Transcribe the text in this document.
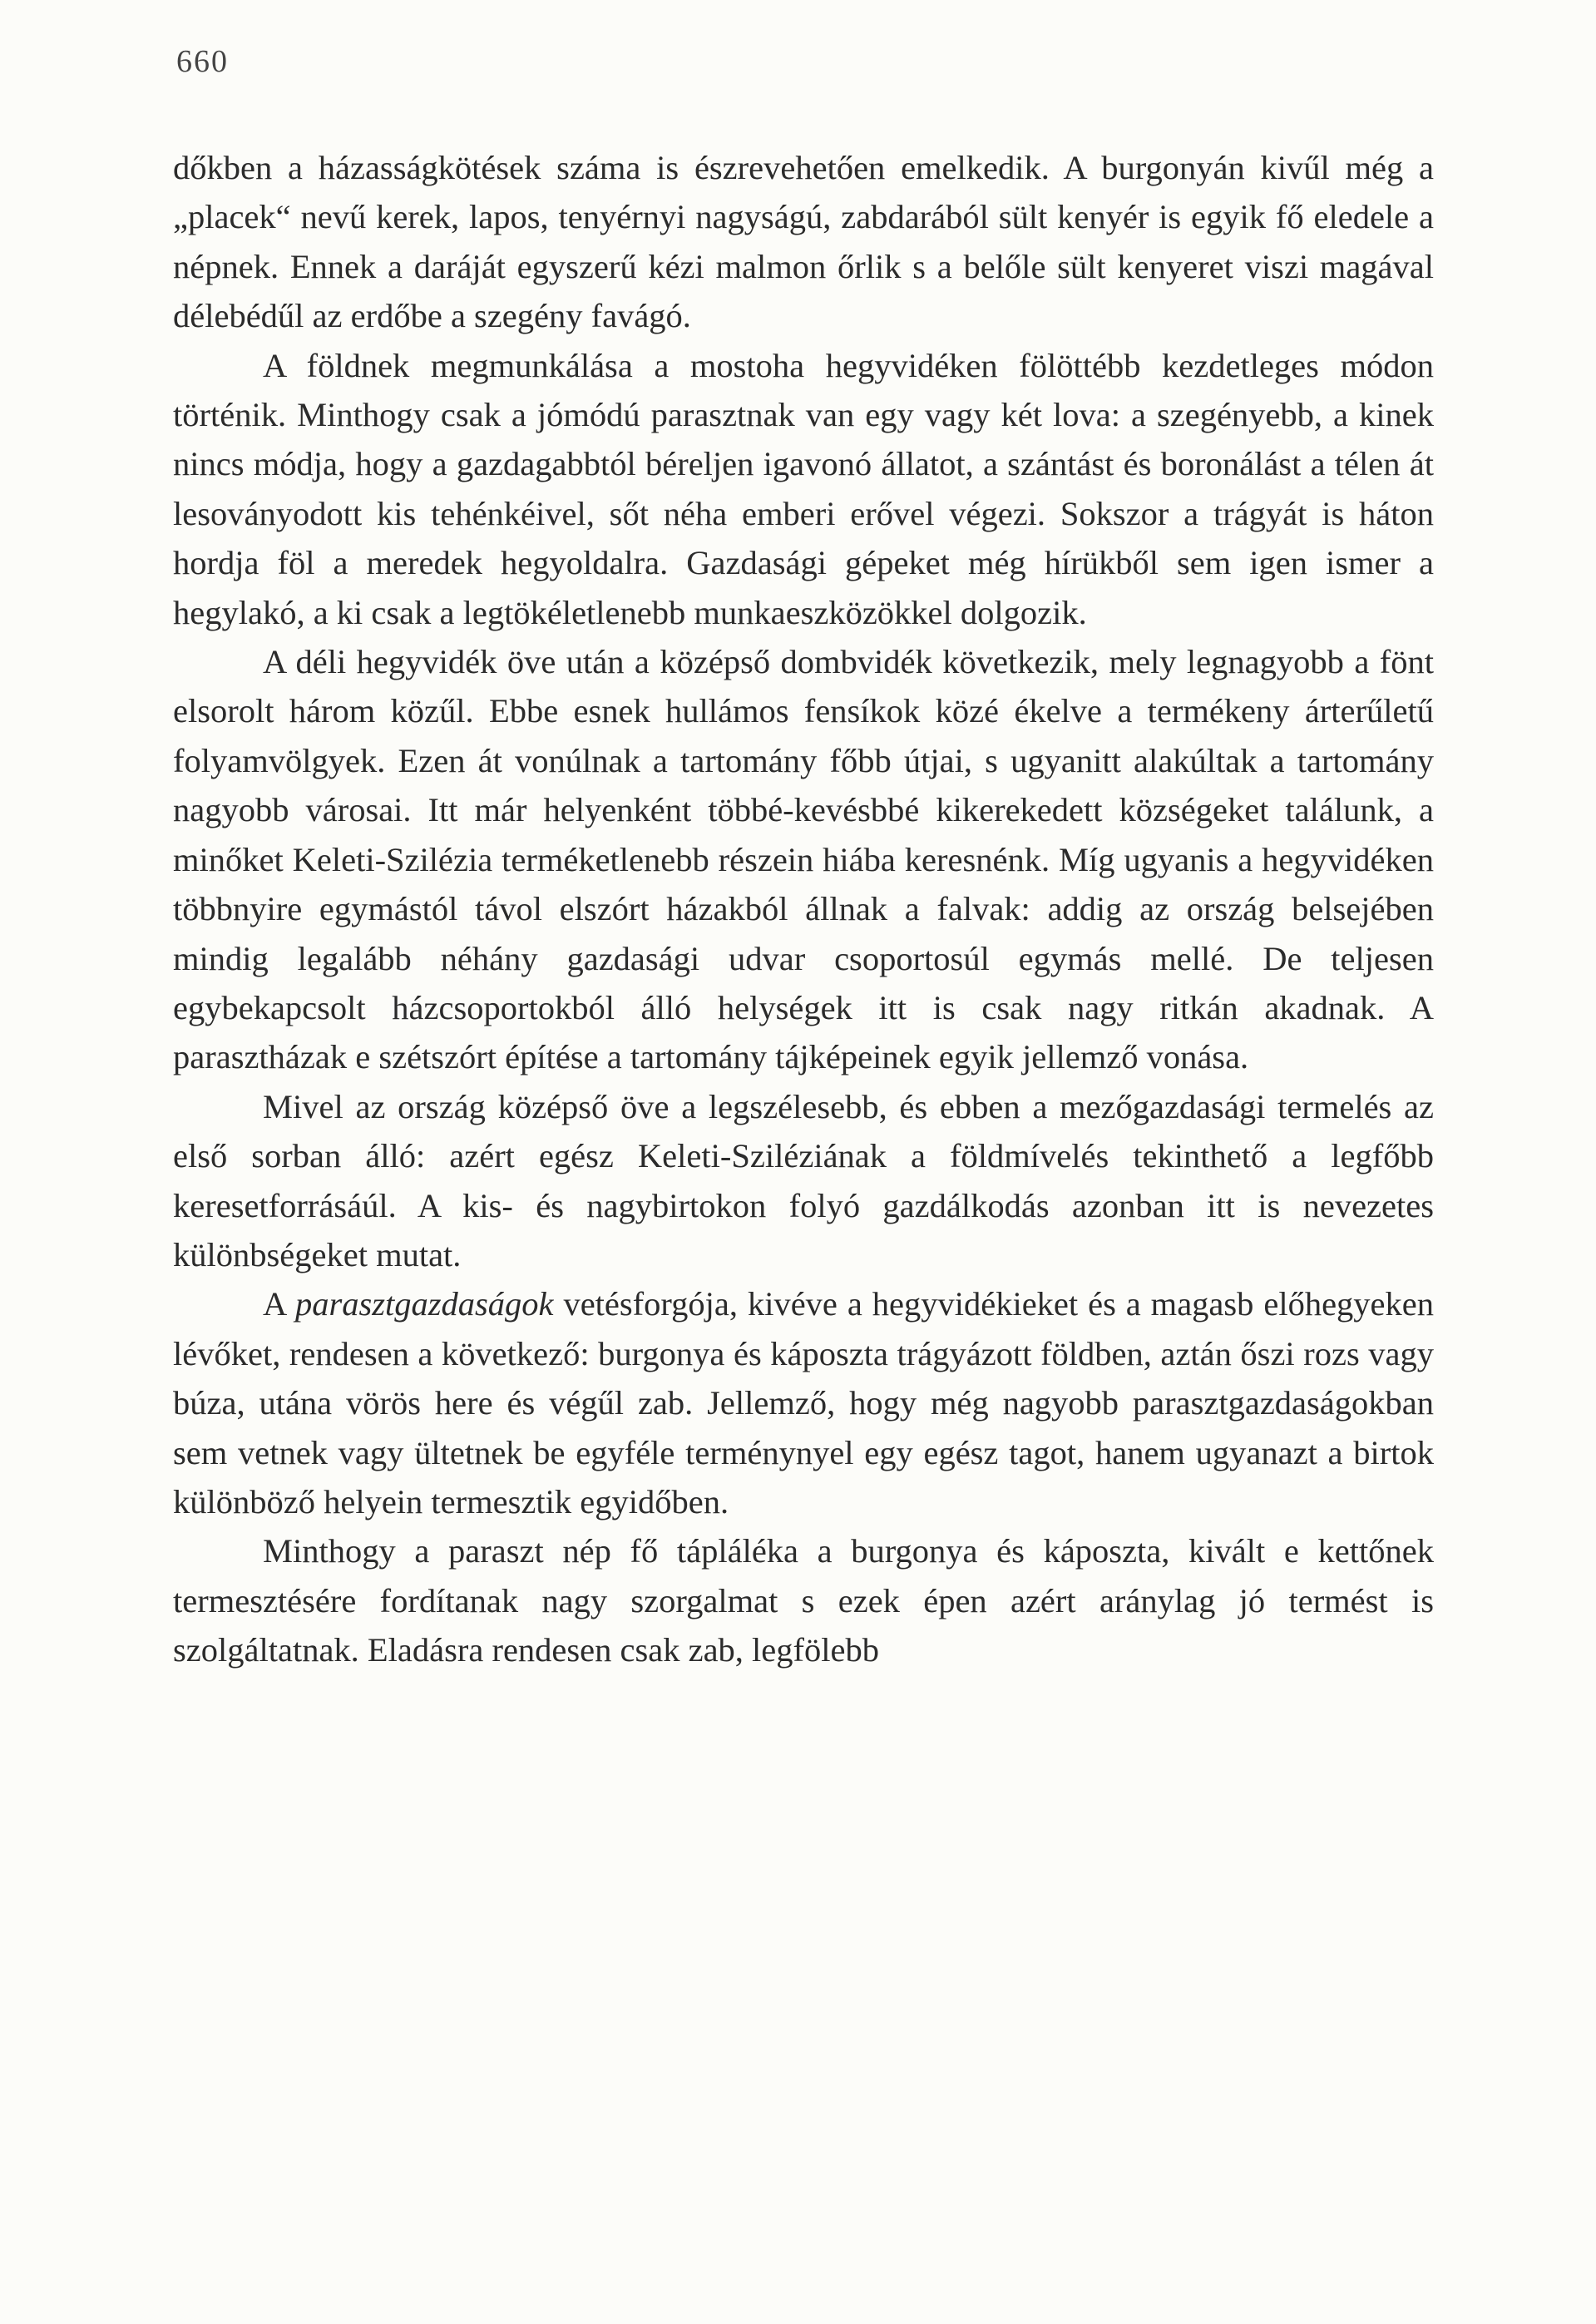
660

dőkben a házasságkötések száma is észrevehetően emelkedik. A burgonyán kivűl még a „placek“ nevű kerek, lapos, tenyérnyi nagyságú, zabdarából sült kenyér is egyik fő eledele a népnek. Ennek a daráját egyszerű kézi malmon őrlik s a belőle sült kenyeret viszi magával délebédűl az erdőbe a szegény favágó.

A földnek megmunkálása a mostoha hegyvidéken fölöttébb kezdetleges módon történik. Minthogy csak a jómódú parasztnak van egy vagy két lova: a szegényebb, a kinek nincs módja, hogy a gazdagabbtól béreljen igavonó állatot, a szántást és boronálást a télen át lesoványodott kis tehénkéivel, sőt néha emberi erővel végezi. Sokszor a trágyát is háton hordja föl a meredek hegyoldalra. Gazdasági gépeket még hírükből sem igen ismer a hegylakó, a ki csak a legtökéletlenebb munkaeszközökkel dolgozik.

A déli hegyvidék öve után a középső dombvidék következik, mely legnagyobb a fönt elsorolt három közűl. Ebbe esnek hullámos fensíkok közé ékelve a termékeny árterűletű folyamvölgyek. Ezen át vonúlnak a tartomány főbb útjai, s ugyanitt alakúltak a tartomány nagyobb városai. Itt már helyenként többé-kevésbbé kikerekedett községeket találunk, a minőket Keleti-Szilézia terméketlenebb részein hiába keresnénk. Míg ugyanis a hegyvidéken többnyire egymástól távol elszórt házakból állnak a falvak: addig az ország belsejében mindig legalább néhány gazdasági udvar csoportosúl egymás mellé. De teljesen egybekapcsolt házcsoportokból álló helységek itt is csak nagy ritkán akadnak. A parasztházak e szétszórt építése a tartomány tájképeinek egyik jellemző vonása.

Mivel az ország középső öve a legszélesebb, és ebben a mezőgazdasági termelés az első sorban álló: azért egész Keleti-Sziléziának a földmívelés tekinthető a legfőbb keresetforrásáúl. A kis- és nagybirtokon folyó gazdálkodás azonban itt is nevezetes különbségeket mutat.

A parasztgazdaságok vetésforgója, kivéve a hegyvidékieket és a magasb előhegyeken lévőket, rendesen a következő: burgonya és káposzta trágyázott földben, aztán őszi rozs vagy búza, utána vörös here és végűl zab. Jellemző, hogy még nagyobb parasztgazdaságokban sem vetnek vagy ültetnek be egyféle terménynyel egy egész tagot, hanem ugyanazt a birtok különböző helyein termesztik egyidőben.

Minthogy a paraszt nép fő tápláléka a burgonya és káposzta, kivált e kettőnek termesztésére fordítanak nagy szorgalmat s ezek épen azért aránylag jó termést is szolgáltatnak. Eladásra rendesen csak zab, legfölebb
